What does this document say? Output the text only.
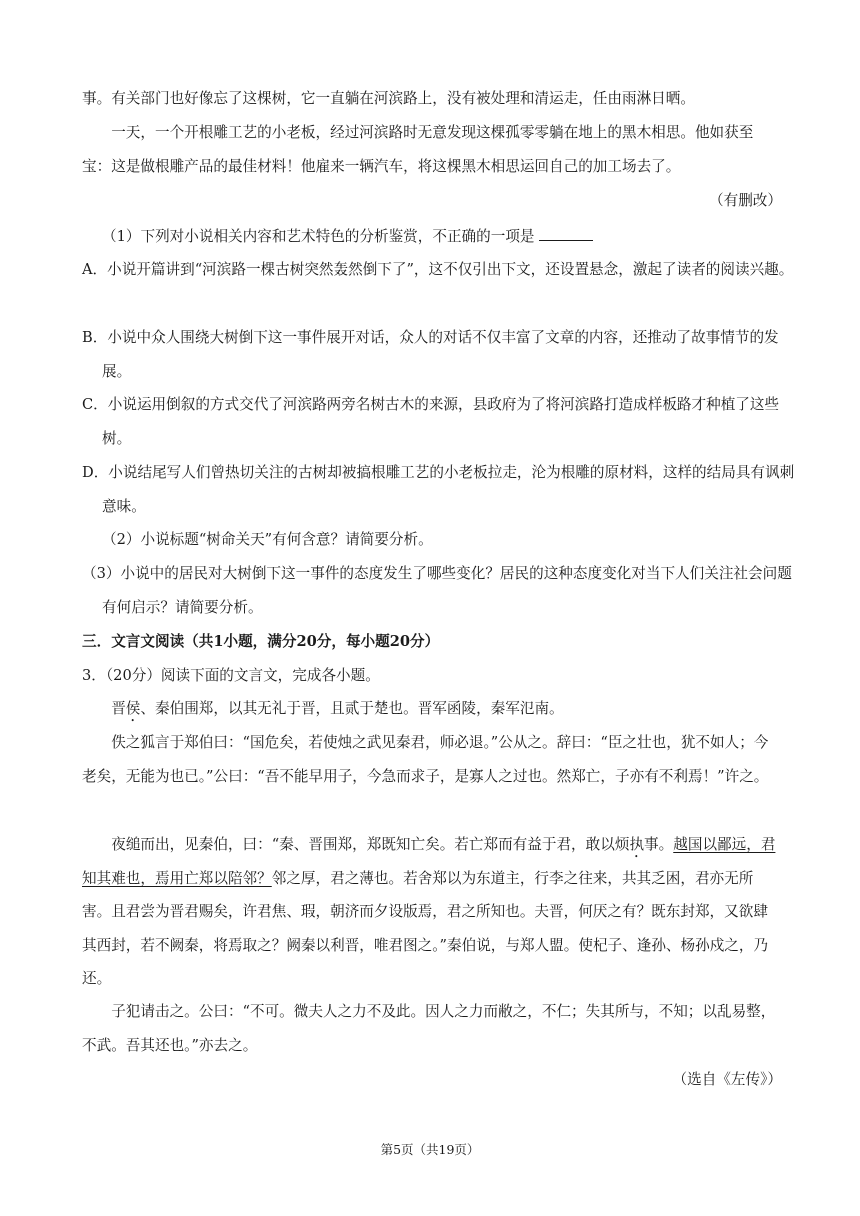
事。有关部门也好像忘了这棵树，它一直躺在河滨路上，没有被处理和清运走，任由雨淋日晒。

一天，一个开根雕工艺的小老板，经过河滨路时无意发现这棵孤零零躺在地上的黑木相思。他如获至宝：这是做根雕产品的最佳材料！他雇来一辆汽车，将这棵黑木相思运回自己的加工场去了。

（有删改）

（1）下列对小说相关内容和艺术特色的分析鉴赏，不正确的一项是

A．小说开篇讲到“河滨路一棵古树突然轰然倒下了”，这不仅引出下文，还设置悬念，激起了读者的阅读兴趣。

B．小说中众人围绕大树倒下这一事件展开对话，众人的对话不仅丰富了文章的内容，还推动了故事情节的发展。

C．小说运用倒叙的方式交代了河滨路两旁名树古木的来源，县政府为了将河滨路打造成样板路才种植了这些树。

D．小说结尾写人们曾热切关注的古树却被搞根雕工艺的小老板拉走，沦为根雕的原材料，这样的结局具有讽刺意味。

（2）小说标题“树命关天”有何含意？请简要分析。

（3）小说中的居民对大树倒下这一事件的态度发生了哪些变化？居民的这种态度变化对当下人们关注社会问题有何启示？请简要分析。

三．文言文阅读（共1小题，满分20分，每小题20分）

3．（20分）阅读下面的文言文，完成各小题。

晋侯、秦伯围郑，以其无礼于晋，且贰于楚也。晋军函陵，秦军氾南。

佚之狐言于郑伯曰：“国危矣，若使烛之武见秦君，师必退。”公从之。辞曰：“臣之壮也，犹不如人；今老矣，无能为也已。”公曰：“吾不能早用子，今急而求子，是寡人之过也。然郑亡，子亦有不利焉！”许之。

夜缒而出，见秦伯，曰：“秦、晋围郑，郑既知亡矣。若亡郑而有益于君，敢以烦执事。越国以鄙远，君知其难也，焉用亡郑以陪邻？邻之厚，君之薄也。若舍郑以为东道主，行李之往来，共其乏困，君亦无所害。且君尝为晋君赐矣，许君焦、瑕，朝济而夕设版焉，君之所知也。夫晋，何厌之有？既东封郑，又欲肆其西封，若不阙秦，将焉取之？阙秦以利晋，唯君图之。”秦伯说，与郑人盟。使杞子、逢孙、杨孙戍之，乃还。

子犯请击之。公曰：“不可。微夫人之力不及此。因人之力而敝之，不仁；失其所与，不知；以乱易整，不武。吾其还也。”亦去之。

（选自《左传》）

第5页（共19页）
